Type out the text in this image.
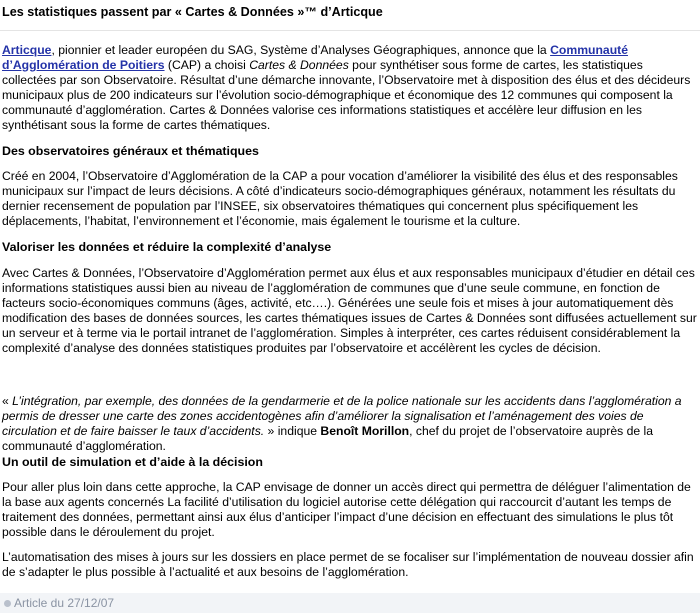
Les statistiques passent par « Cartes & Données »™ d’Articque

Articque, pionnier et leader européen du SAG, Système d’Analyses Géographiques, annonce que la Communauté d’Agglomération de Poitiers (CAP) a choisi Cartes & Données pour synthétiser sous forme de cartes, les statistiques collectées par son Observatoire. Résultat d’une démarche innovante, l’Observatoire met à disposition des élus et des décideurs municipaux plus de 200 indicateurs sur l’évolution socio-démographique et économique des 12 communes qui composent la communauté d’agglomération. Cartes & Données valorise ces informations statistiques et accélère leur diffusion en les synthétisant sous la forme de cartes thématiques.

Des observatoires généraux et thématiques

Créé en 2004, l’Observatoire d’Agglomération de la CAP a pour vocation d’améliorer la visibilité des élus et des responsables municipaux sur l’impact de leurs décisions. A côté d’indicateurs socio-démographiques généraux, notamment les résultats du dernier recensement de population par l’INSEE, six observatoires thématiques qui concernent plus spécifiquement les déplacements, l’habitat, l’environnement et l’économie, mais également le tourisme et la culture.

Valoriser les données et réduire la complexité d’analyse

Avec Cartes & Données, l’Observatoire d’Agglomération permet aux élus et aux responsables municipaux d’étudier en détail ces informations statistiques aussi bien au niveau de l’agglomération de communes que d’une seule commune, en fonction de facteurs socio-économiques communs (âges, activité, etc….). Générées une seule fois et mises à jour automatiquement dès modification des bases de données sources, les cartes thématiques issues de Cartes & Données sont diffusées actuellement sur un serveur et à terme via le portail intranet de l’agglomération. Simples à interpréter, ces cartes réduisent considérablement la complexité d’analyse des données statistiques produites par l’observatoire et accélèrent les cycles de décision.

« L’intégration, par exemple, des données de la gendarmerie et de la police nationale sur les accidents dans l’agglomération a permis de dresser une carte des zones accidentogènes afin d’améliorer la signalisation et l’aménagement des voies de circulation et de faire baisser le taux d’accidents. » indique Benoît Morillon, chef du projet de l’observatoire auprès de la communauté d’agglomération.

Un outil de simulation et d’aide à la décision

Pour aller plus loin dans cette approche, la CAP envisage de donner un accès direct qui permettra de déléguer l’alimentation de la base aux agents concernés La facilité d’utilisation du logiciel autorise cette délégation qui raccourcit d’autant les temps de traitement des données, permettant ainsi aux élus d’anticiper l’impact d’une décision en effectuant des simulations le plus tôt possible dans le déroulement du projet.

L’automatisation des mises à jours sur les dossiers en place permet de se focaliser sur l’implémentation de nouveau dossier afin de s’adapter le plus possible à l’actualité et aux besoins de l’agglomération.

Article du 27/12/07
